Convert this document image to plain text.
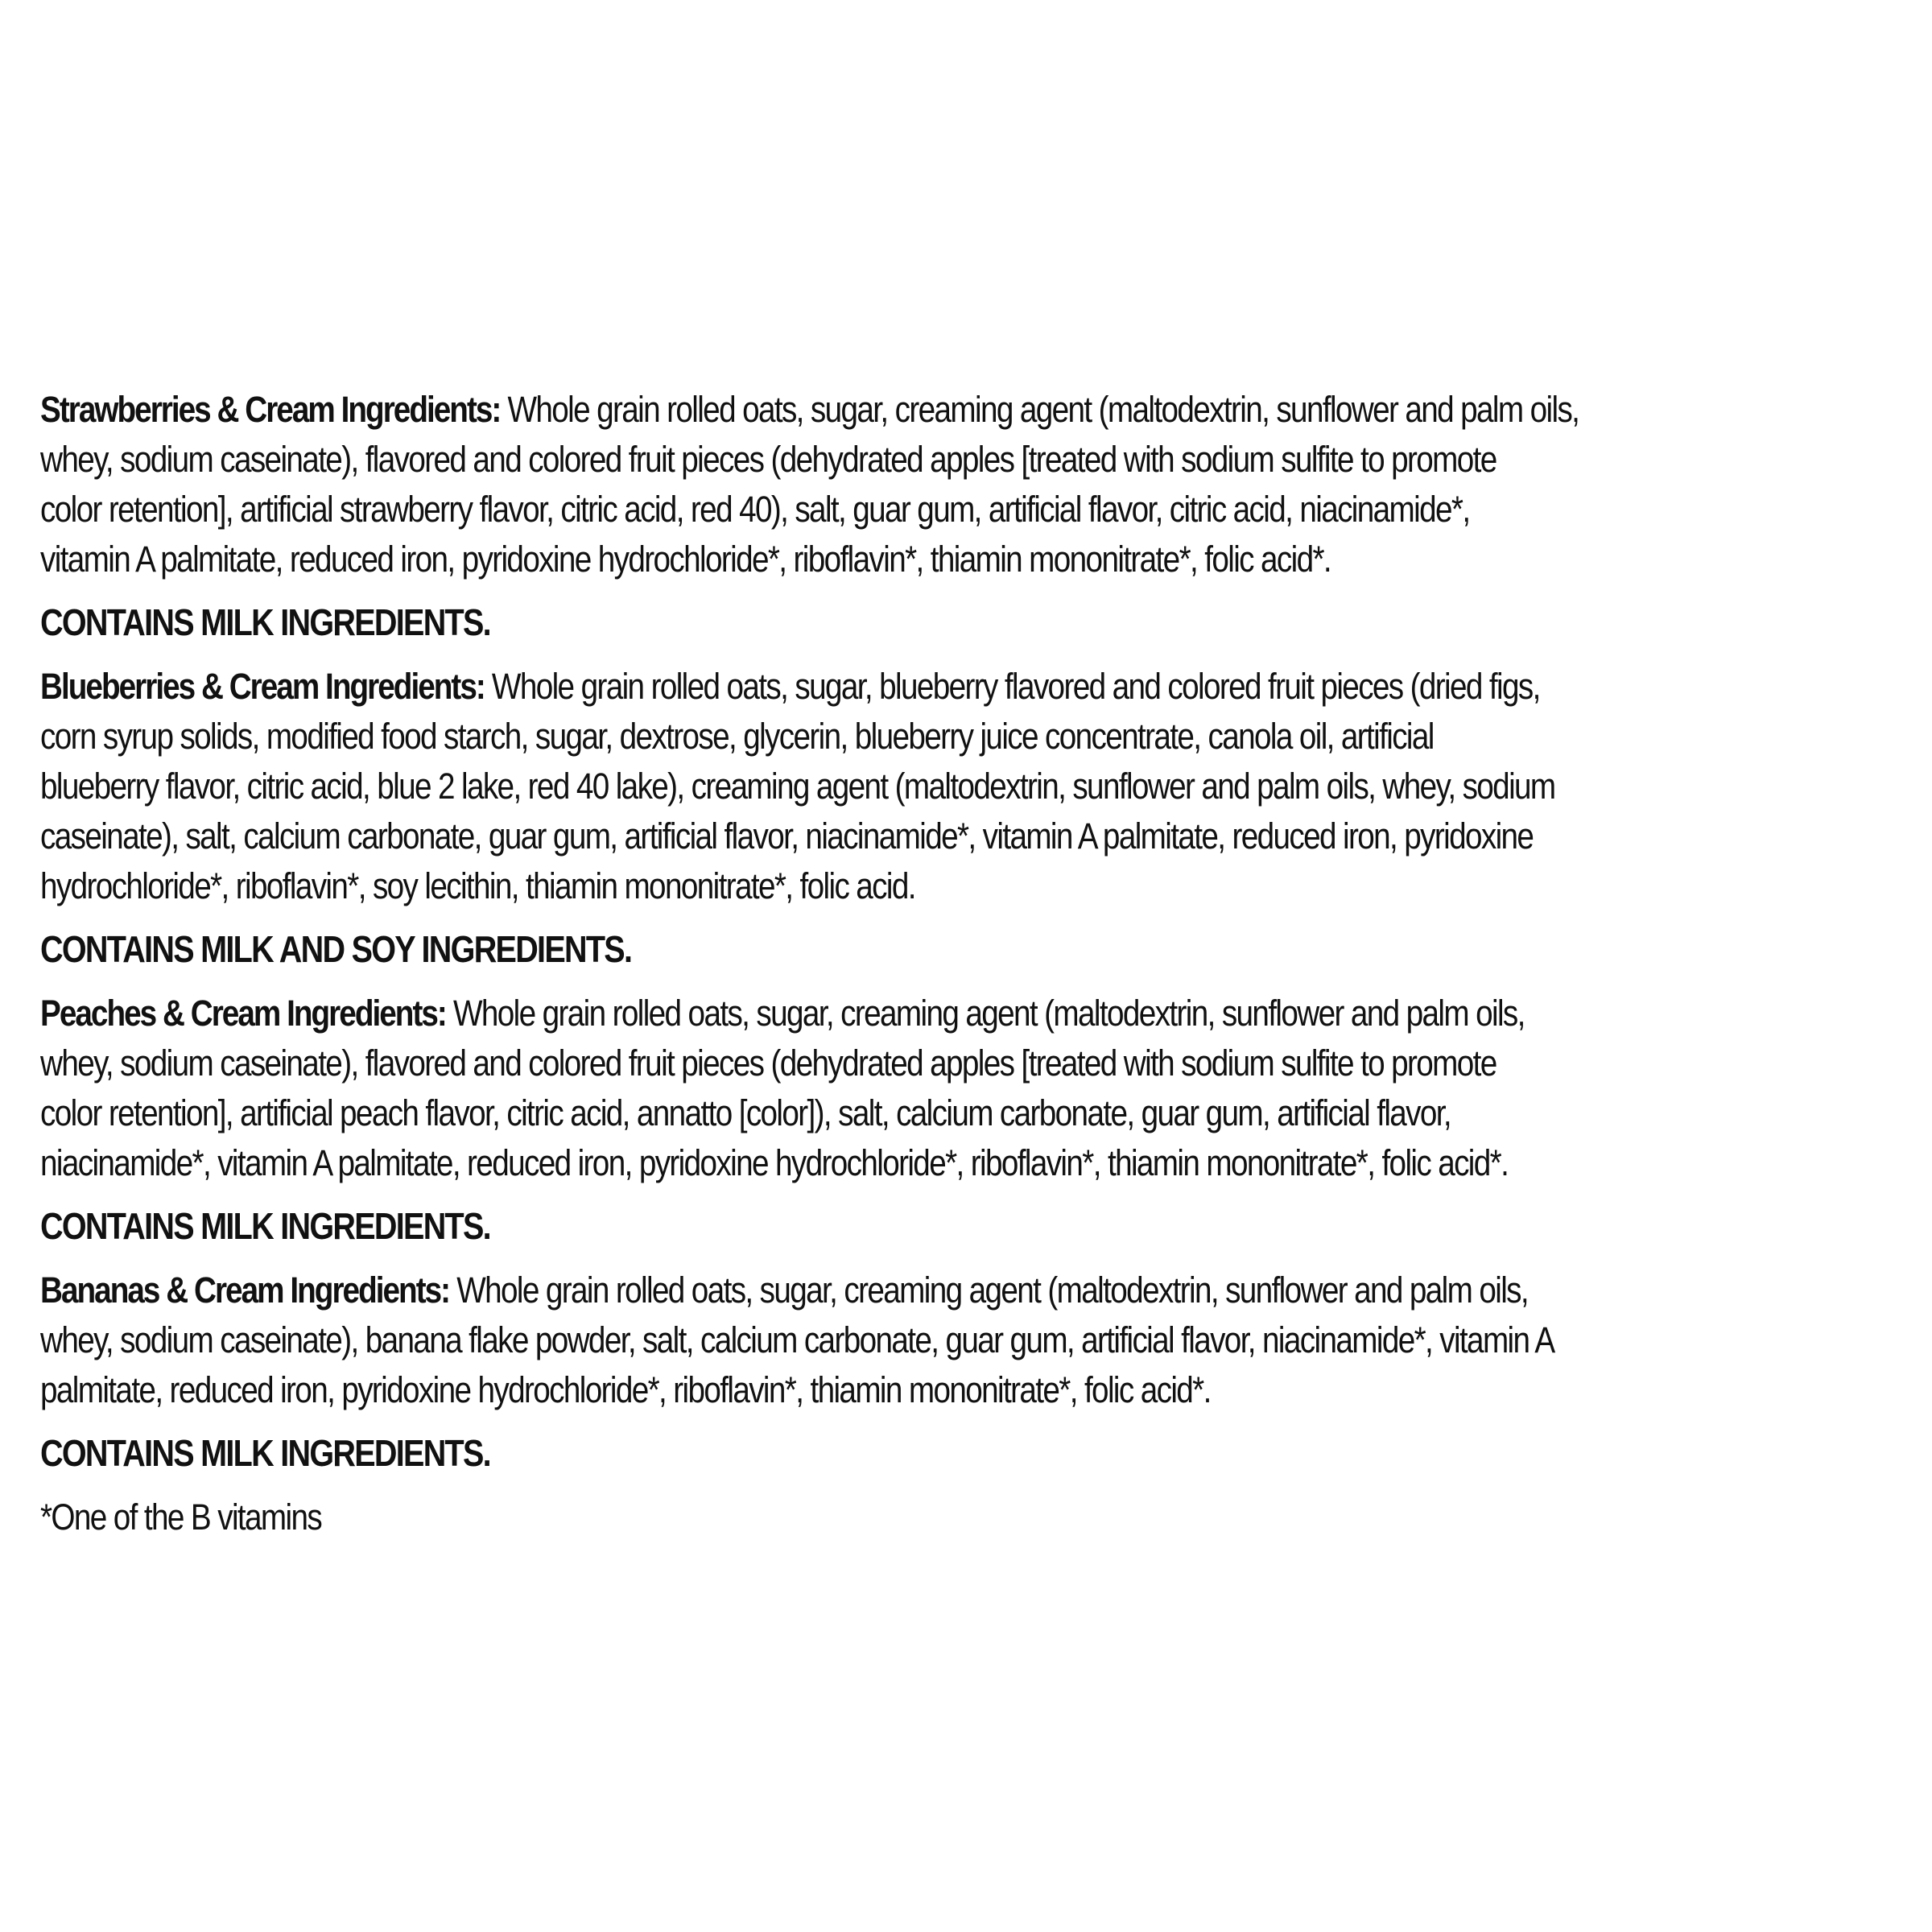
Strawberries & Cream Ingredients: Whole grain rolled oats, sugar, creaming agent (maltodextrin, sunflower and palm oils,
whey, sodium caseinate), flavored and colored fruit pieces (dehydrated apples [treated with sodium sulfite to promote
color retention], artificial strawberry flavor, citric acid, red 40), salt, guar gum, artificial flavor, citric acid, niacinamide*,
vitamin A palmitate, reduced iron, pyridoxine hydrochloride*, riboflavin*, thiamin mononitrate*, folic acid*.
CONTAINS MILK INGREDIENTS.
Blueberries & Cream Ingredients: Whole grain rolled oats, sugar, blueberry flavored and colored fruit pieces (dried figs,
corn syrup solids, modified food starch, sugar, dextrose, glycerin, blueberry juice concentrate, canola oil, artificial
blueberry flavor, citric acid, blue 2 lake, red 40 lake), creaming agent (maltodextrin, sunflower and palm oils, whey, sodium
caseinate), salt, calcium carbonate, guar gum, artificial flavor, niacinamide*, vitamin A palmitate, reduced iron, pyridoxine
hydrochloride*, riboflavin*, soy lecithin, thiamin mononitrate*, folic acid.
CONTAINS MILK AND SOY INGREDIENTS.
Peaches & Cream Ingredients: Whole grain rolled oats, sugar, creaming agent (maltodextrin, sunflower and palm oils,
whey, sodium caseinate), flavored and colored fruit pieces (dehydrated apples [treated with sodium sulfite to promote
color retention], artificial peach flavor, citric acid, annatto [color]), salt, calcium carbonate, guar gum, artificial flavor,
niacinamide*, vitamin A palmitate, reduced iron, pyridoxine hydrochloride*, riboflavin*, thiamin mononitrate*, folic acid*.
CONTAINS MILK INGREDIENTS.
Bananas & Cream Ingredients: Whole grain rolled oats, sugar, creaming agent (maltodextrin, sunflower and palm oils,
whey, sodium caseinate), banana flake powder, salt, calcium carbonate, guar gum, artificial flavor, niacinamide*, vitamin A
palmitate, reduced iron, pyridoxine hydrochloride*, riboflavin*, thiamin mononitrate*, folic acid*.
CONTAINS MILK INGREDIENTS.
*One of the B vitamins
